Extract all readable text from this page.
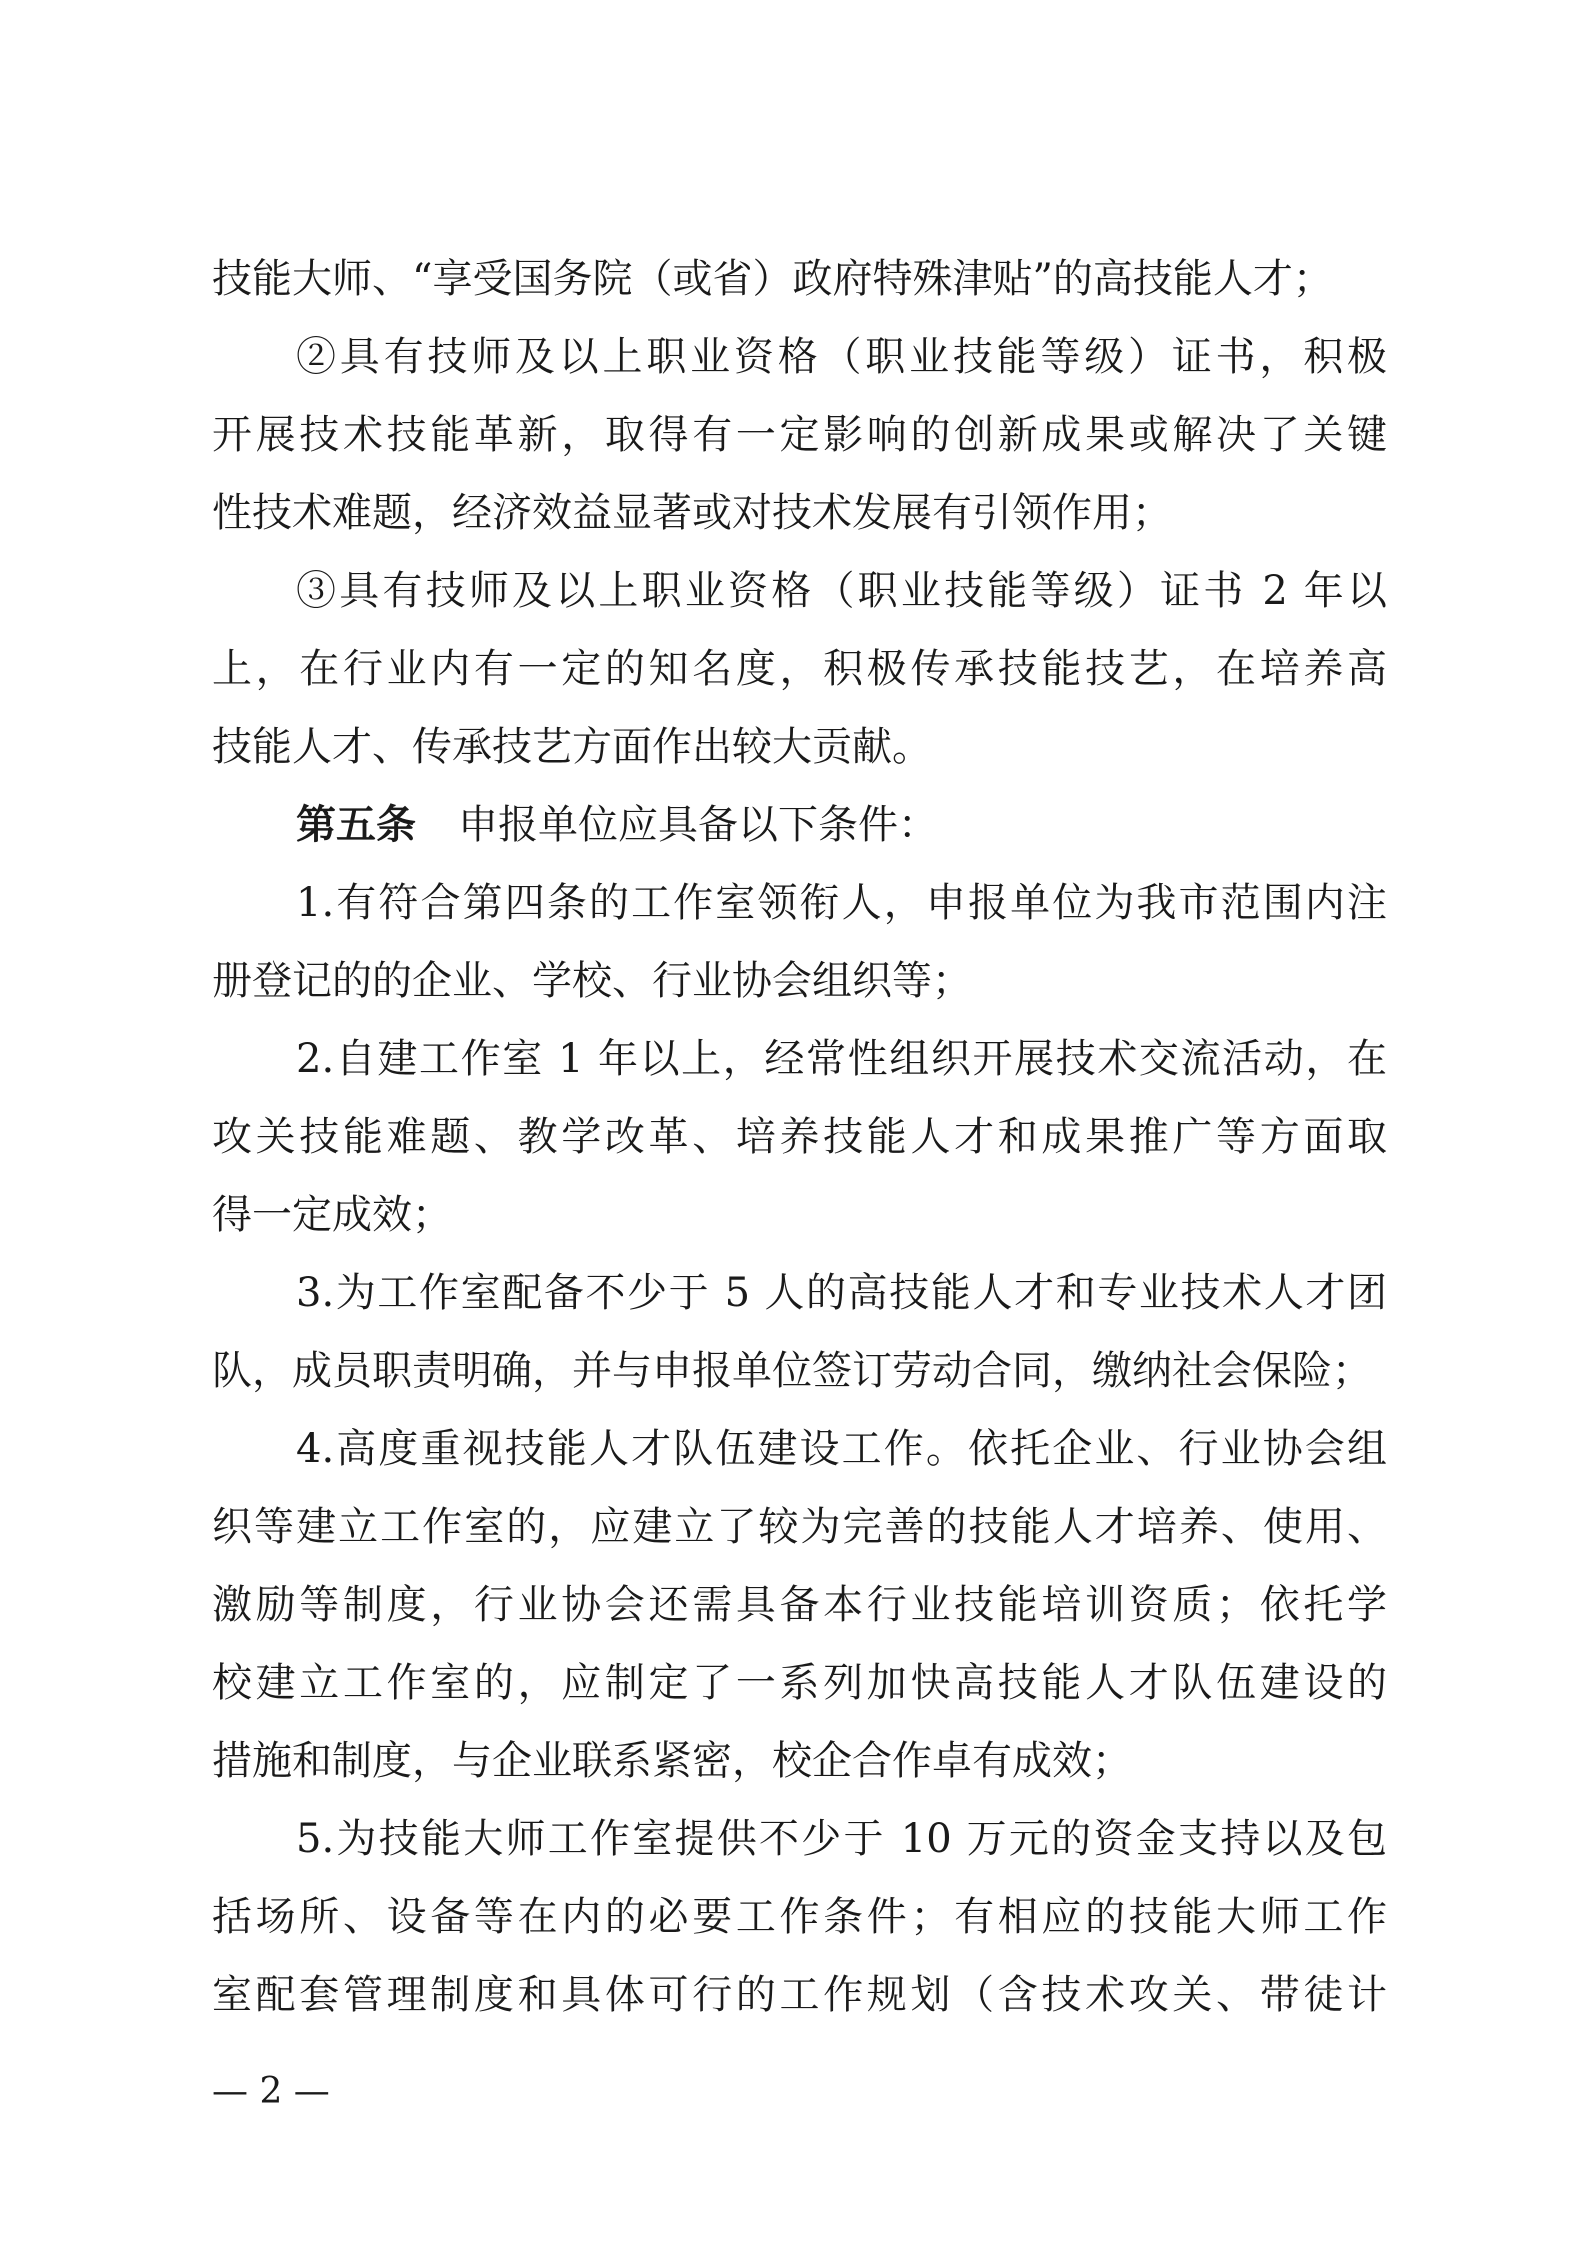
技能大师、“享受国务院（或省）政府特殊津贴”的高技能人才；
②具有技师及以上职业资格（职业技能等级）证书，积极
开展技术技能革新，取得有一定影响的创新成果或解决了关键
性技术难题，经济效益显著或对技术发展有引领作用；
③具有技师及以上职业资格（职业技能等级）证书 2 年以
上，在行业内有一定的知名度，积极传承技能技艺，在培养高
技能人才、传承技艺方面作出较大贡献。
第五条 申报单位应具备以下条件：
1.有符合第四条的工作室领衔人，申报单位为我市范围内注
册登记的的企业、学校、行业协会组织等；
2.自建工作室 1 年以上，经常性组织开展技术交流活动，在
攻关技能难题、教学改革、培养技能人才和成果推广等方面取
得一定成效；
3.为工作室配备不少于 5 人的高技能人才和专业技术人才团
队，成员职责明确，并与申报单位签订劳动合同，缴纳社会保险；
4.高度重视技能人才队伍建设工作。依托企业、行业协会组
织等建立工作室的，应建立了较为完善的技能人才培养、使用、
激励等制度，行业协会还需具备本行业技能培训资质；依托学
校建立工作室的，应制定了一系列加快高技能人才队伍建设的
措施和制度，与企业联系紧密，校企合作卓有成效；
5.为技能大师工作室提供不少于 10 万元的资金支持以及包
括场所、设备等在内的必要工作条件；有相应的技能大师工作
室配套管理制度和具体可行的工作规划（含技术攻关、带徒计
— 2 —
